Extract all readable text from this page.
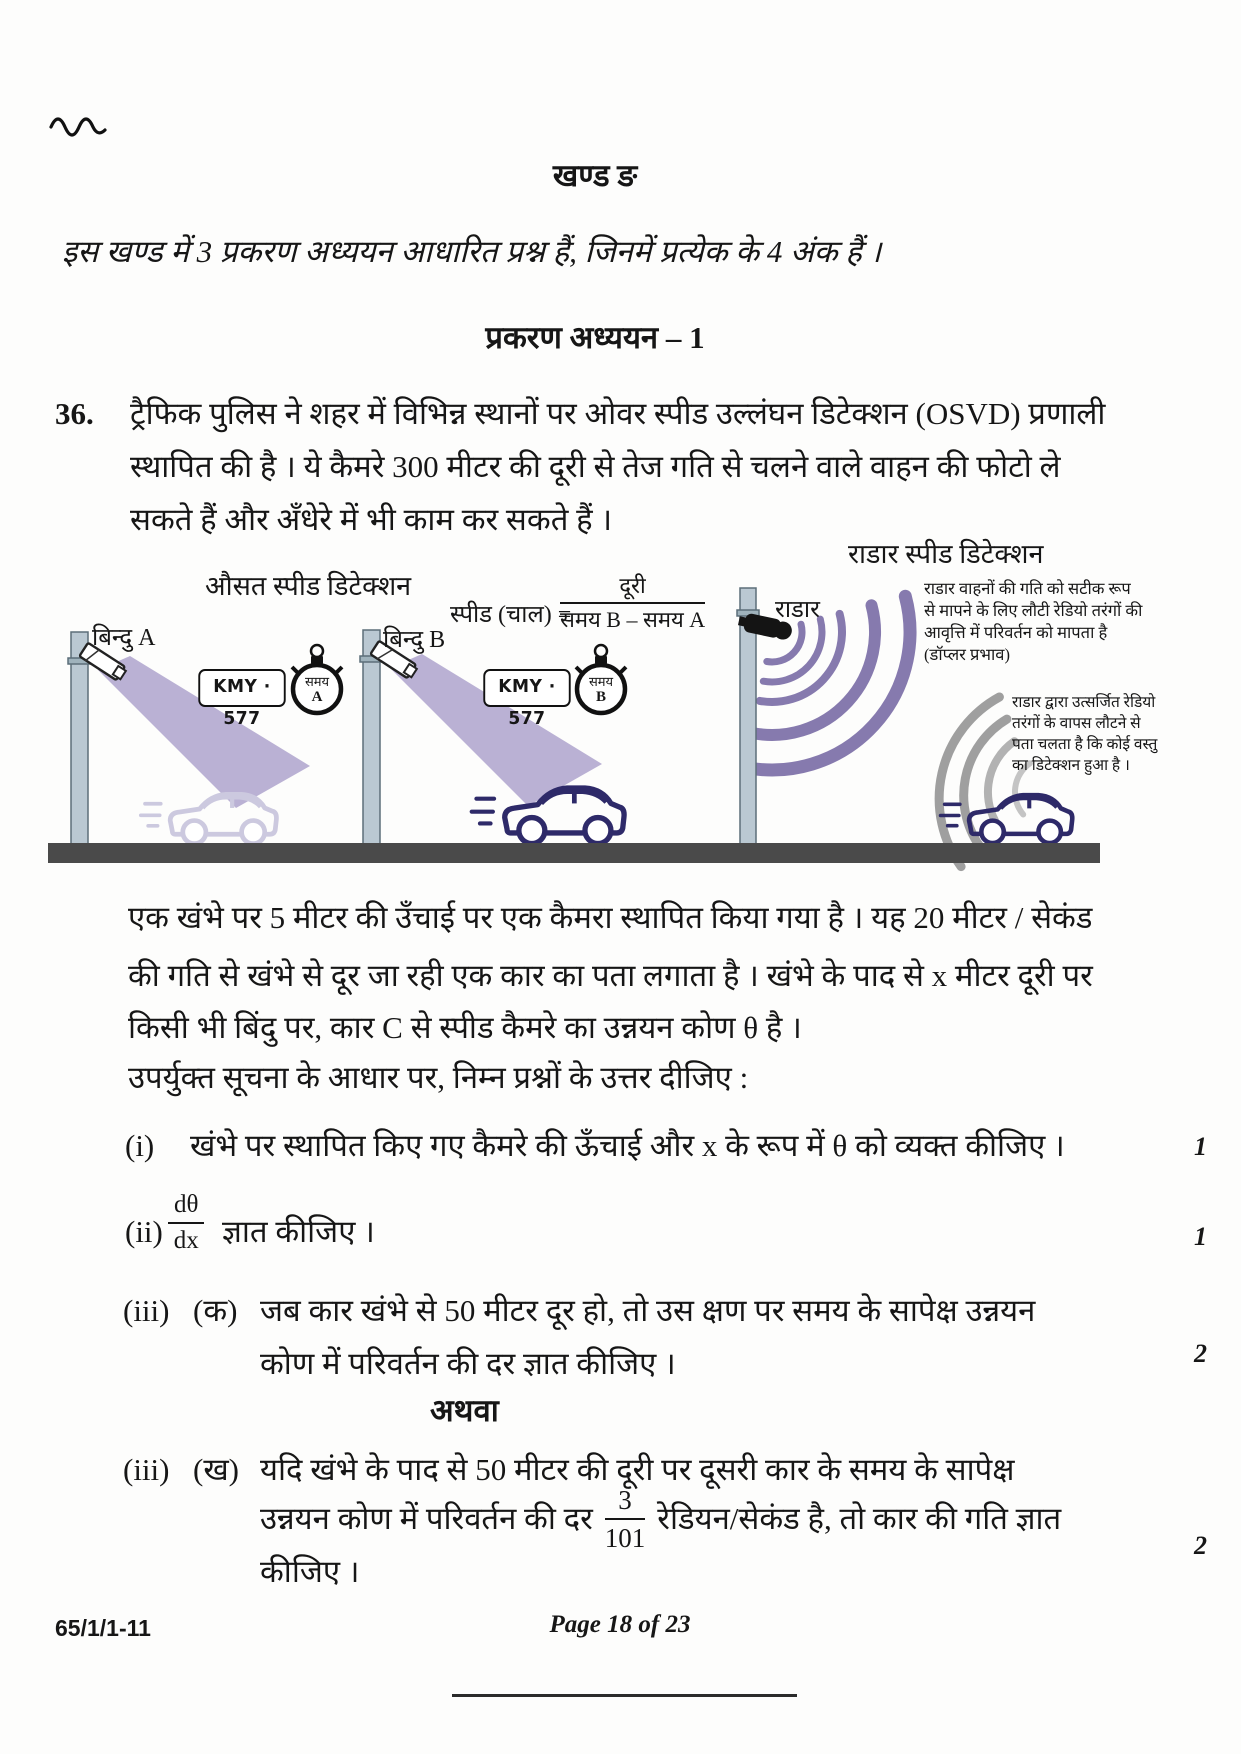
खण्ड ङ
इस खण्ड में 3 प्रकरण अध्ययन आधारित प्रश्न हैं, जिनमें प्रत्येक के 4 अंक हैं ।
प्रकरण अध्ययन – 1
36. ट्रैफिक पुलिस ने शहर में विभिन्न स्थानों पर ओवर स्पीड उल्लंघन डिटेक्शन (OSVD) प्रणाली
स्थापित की है । ये कैमरे 300 मीटर की दूरी से तेज गति से चलने वाले वाहन की फोटो ले
सकते हैं और अँधेरे में भी काम कर सकते हैं ।
औसत स्पीड डिटेक्शन
राडार स्पीड डिटेक्शन
बिन्दु A	बिन्दु B
राडार
KMY · 577
KMY · 577
समय
A
समय
B
स्पीड (चाल) =
दूरी
समय B – समय A
राडार वाहनों की गति को सटीक रूप
से मापने के लिए लौटी रेडियो तरंगों की
आवृत्ति में परिवर्तन को मापता है
(डॉप्लर प्रभाव)
राडार द्वारा उत्सर्जित रेडियो
तरंगों के वापस लौटने से
पता चलता है कि कोई वस्तु
का डिटेक्शन हुआ है ।
एक खंभे पर 5 मीटर की उँचाई पर एक कैमरा स्थापित किया गया है । यह 20 मीटर / सेकंड
की गति से खंभे से दूर जा रही एक कार का पता लगाता है । खंभे के पाद से x मीटर दूरी पर
किसी भी बिंदु पर, कार C से स्पीड कैमरे का उन्नयन कोण θ है ।
उपर्युक्त सूचना के आधार पर, निम्न प्रश्नों के उत्तर दीजिए :
(i) खंभे पर स्थापित किए गए कैमरे की ऊँचाई और x के रूप में θ को व्यक्त कीजिए ।	1
$(ii) \frac{d\theta}{dx}$ ज्ञात कीजिए ।	1
(iii) (क) जब कार खंभे से 50 मीटर दूर हो, तो उस क्षण पर समय के सापेक्ष उन्नयन
कोण में परिवर्तन की दर ज्ञात कीजिए ।	2
अथवा
(iii) (ख) यदि खंभे के पाद से 50 मीटर की दूरी पर दूसरी कार के समय के सापेक्ष
उन्नयन कोण में परिवर्तन की दर $\frac{3}{101}$ रेडियन/सेकंड है, तो कार की गति ज्ञात
कीजिए ।
2
65/1/1-11	Page 18 of 23
